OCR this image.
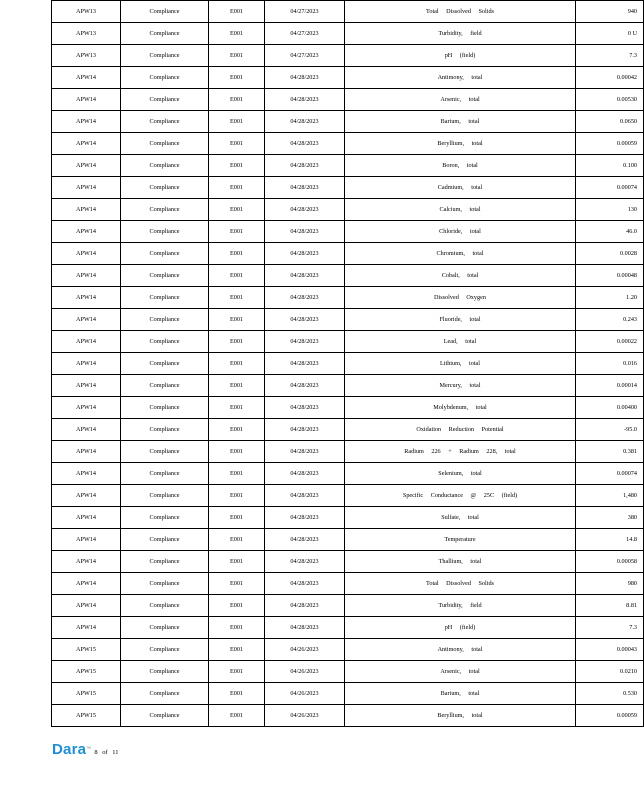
APW13	Compliance	E001	04/27/2023	Total Dissolved Solids	940
APW13	Compliance	E001	04/27/2023	Turbidity, field	0 U
APW13	Compliance	E001	04/27/2023	pH (field)	7.3
APW14	Compliance	E001	04/28/2023	Antimony, total	0.00042
APW14	Compliance	E001	04/28/2023	Arsenic, total	0.00530
APW14	Compliance	E001	04/28/2023	Barium, total	0.0650
APW14	Compliance	E001	04/28/2023	Beryllium, total	0.00059
APW14	Compliance	E001	04/28/2023	Boron, total	0.100
APW14	Compliance	E001	04/28/2023	Cadmium, total	0.00074
APW14	Compliance	E001	04/28/2023	Calcium, total	130
APW14	Compliance	E001	04/28/2023	Chloride, total	46.0
APW14	Compliance	E001	04/28/2023	Chromium, total	0.0028
APW14	Compliance	E001	04/28/2023	Cobalt, total	0.00048
APW14	Compliance	E001	04/28/2023	Dissolved Oxygen	1.20
APW14	Compliance	E001	04/28/2023	Fluoride, total	0.243
APW14	Compliance	E001	04/28/2023	Lead, total	0.00022
APW14	Compliance	E001	04/28/2023	Lithium, total	0.016
APW14	Compliance	E001	04/28/2023	Mercury, total	0.00014
APW14	Compliance	E001	04/28/2023	Molybdenum, total	0.00400
APW14	Compliance	E001	04/28/2023	Oxidation Reduction Potential	-95.0
APW14	Compliance	E001	04/28/2023	Radium 226 + Radium 228, total	0.381
APW14	Compliance	E001	04/28/2023	Selenium, total	0.00074
APW14	Compliance	E001	04/28/2023	Specific Conductance @ 25C (field)	1,480
APW14	Compliance	E001	04/28/2023	Sulfate, total	380
APW14	Compliance	E001	04/28/2023	Temperature	14.8
APW14	Compliance	E001	04/28/2023	Thallium, total	0.00058
APW14	Compliance	E001	04/28/2023	Total Dissolved Solids	980
APW14	Compliance	E001	04/28/2023	Turbidity, field	8.81
APW14	Compliance	E001	04/28/2023	pH (field)	7.3
APW15	Compliance	E001	04/26/2023	Antimony, total	0.00043
APW15	Compliance	E001	04/26/2023	Arsenic, total	0.0210
APW15	Compliance	E001	04/26/2023	Barium, total	0.530
APW15	Compliance	E001	04/26/2023	Beryllium, total	0.00059
Dara™ 8 of 11
